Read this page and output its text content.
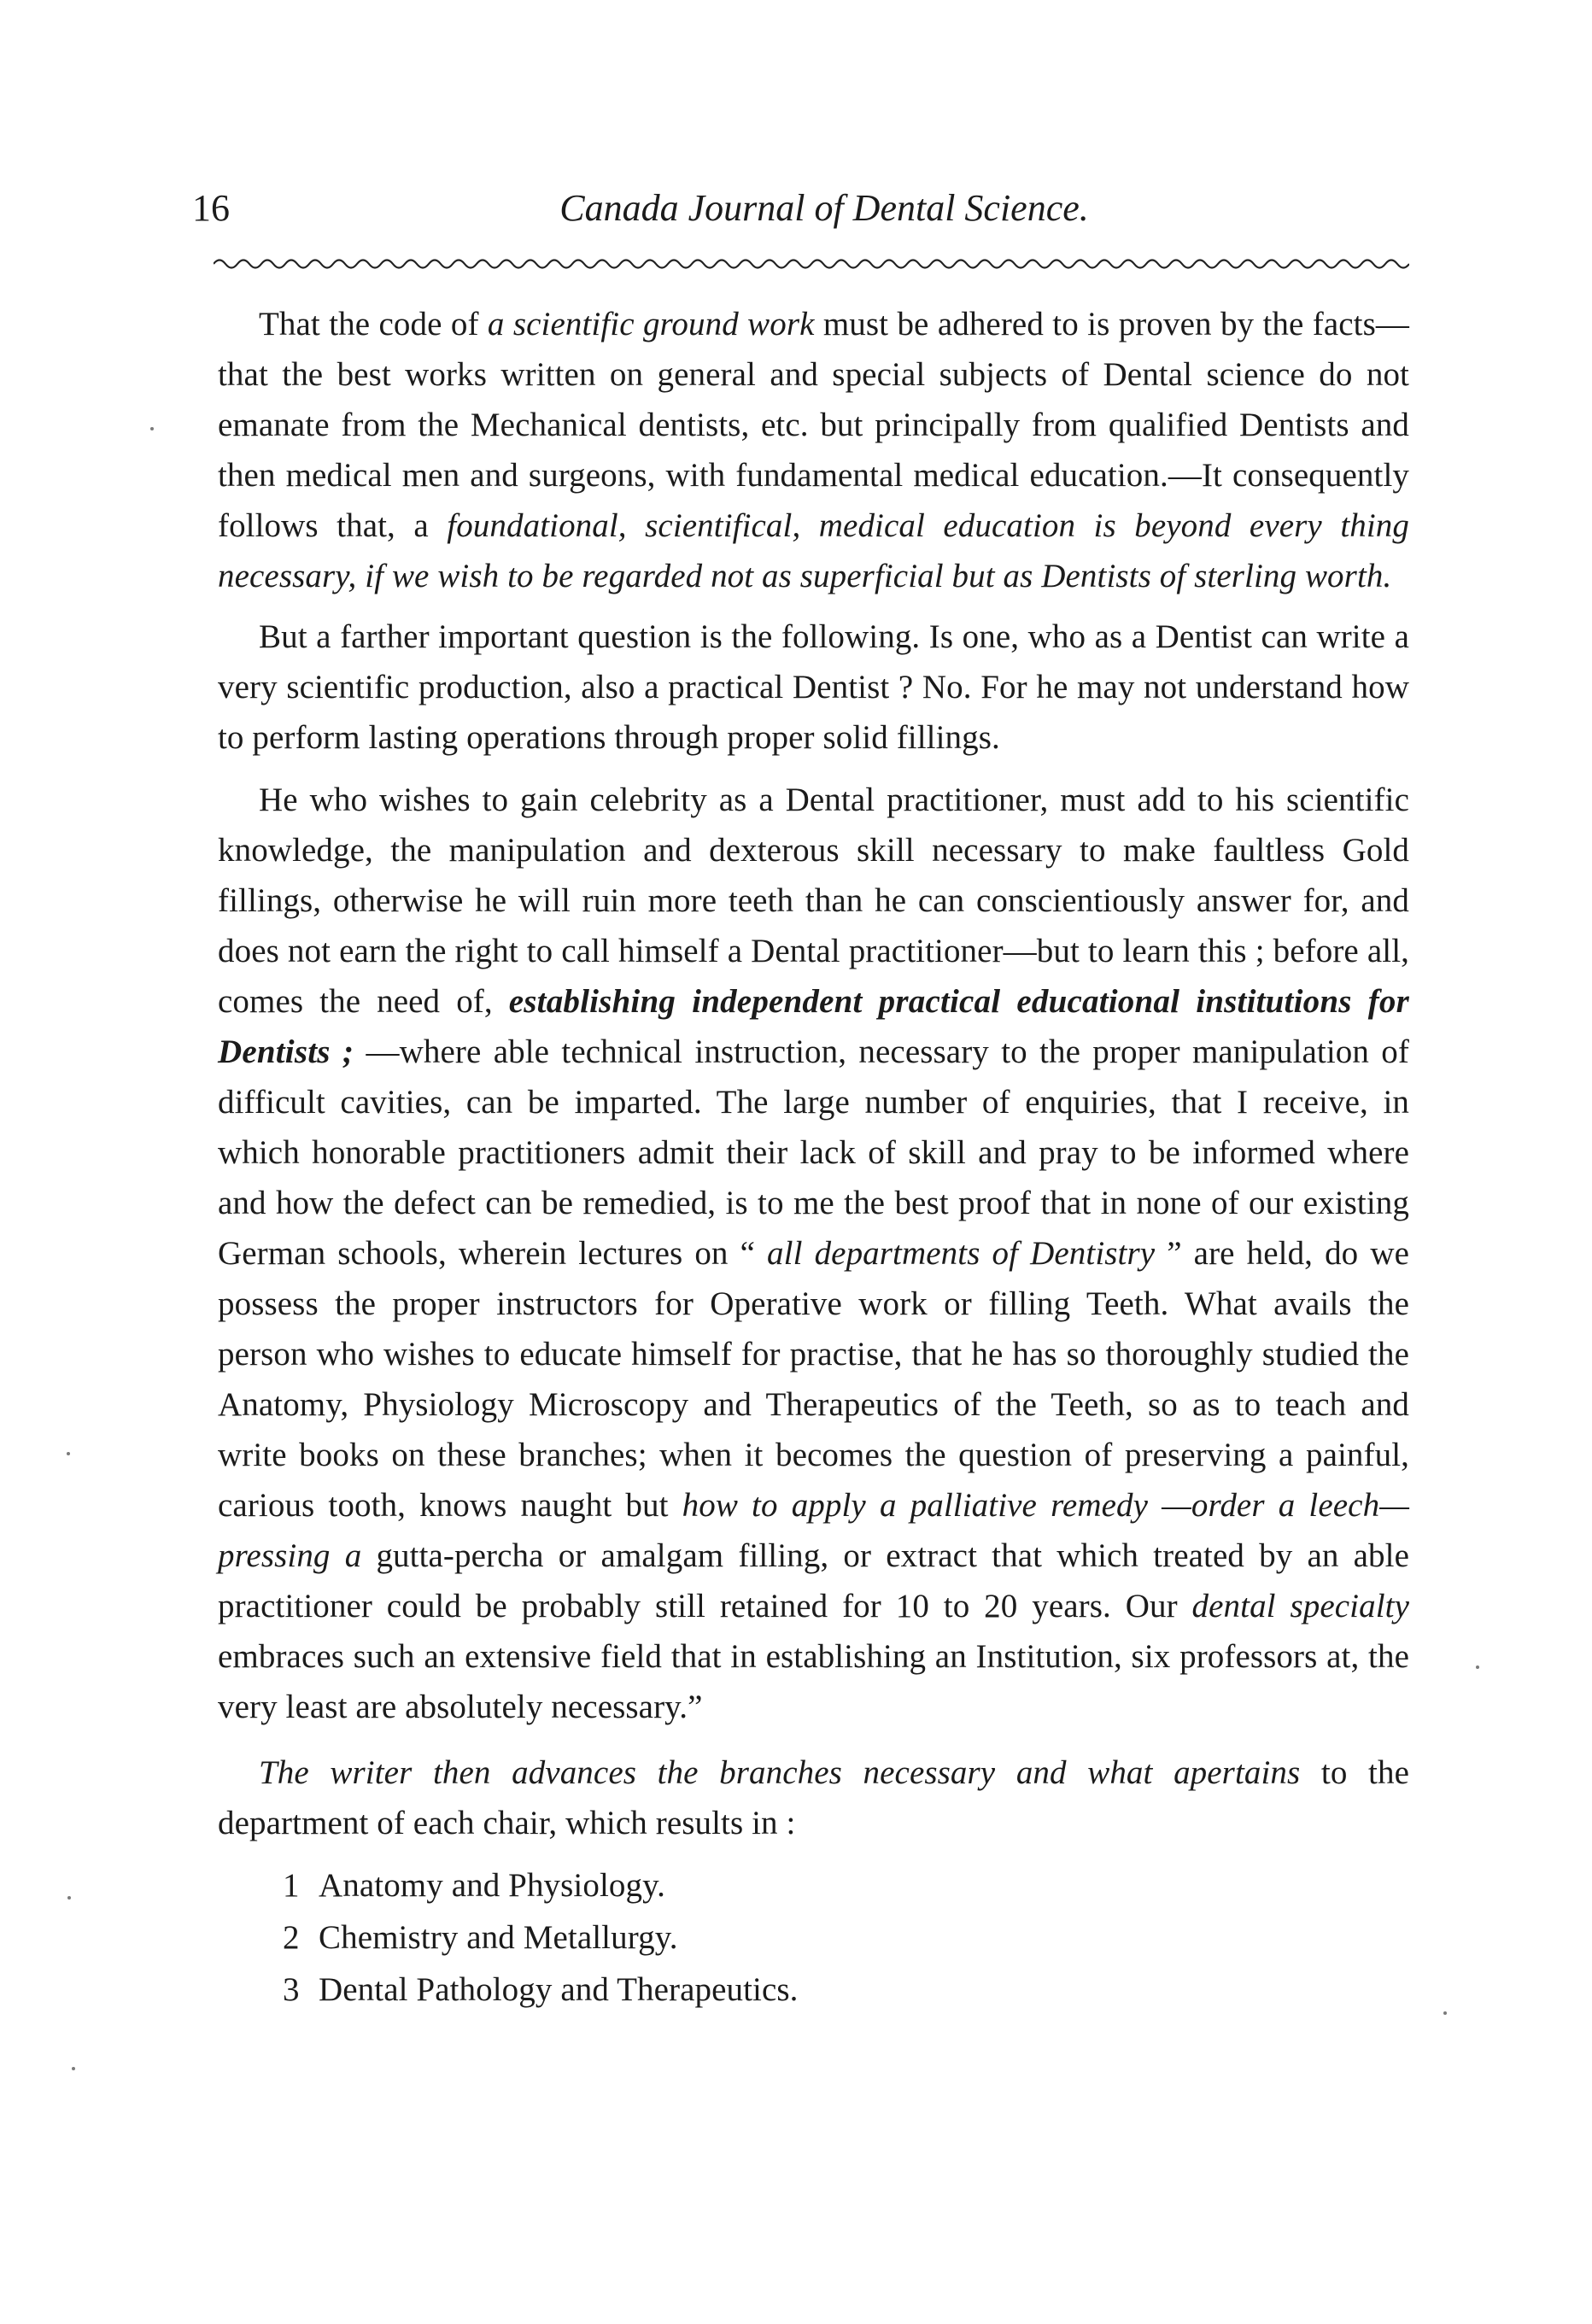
16	Canada Journal of Dental Science.

That the code of a scientific ground work must be adhered to is proven by the facts—that the best works written on general and special subjects of Dental science do not emanate from the Mechanical dentists, etc. but principally from qualified Dentists and then medical men and surgeons, with fundamental medical education.—It consequently follows that, a foundational, scientifical, medical education is beyond every thing necessary, if we wish to be regarded not as superficial but as Dentists of sterling worth.

But a farther important question is the following. Is one, who as a Dentist can write a very scientific production, also a practical Dentist ? No. For he may not understand how to perform lasting operations through proper solid fillings.

He who wishes to gain celebrity as a Dental practitioner, must add to his scientific knowledge, the manipulation and dexterous skill necessary to make faultless Gold fillings, otherwise he will ruin more teeth than he can conscientiously answer for, and does not earn the right to call himself a Dental practitioner—but to learn this ; before all, comes the need of, establishing independent practical educational institutions for Dentists ; —where able technical instruction, necessary to the proper manipulation of difficult cavities, can be imparted. The large number of enquiries, that I receive, in which honorable practitioners admit their lack of skill and pray to be informed where and how the defect can be remedied, is to me the best proof that in none of our existing German schools, wherein lectures on “ all departments of Dentistry ” are held, do we possess the proper instructors for Operative work or filling Teeth. What avails the person who wishes to educate himself for practise, that he has so thoroughly studied the Anatomy, Physiology Microscopy and Therapeutics of the Teeth, so as to teach and write books on these branches; when it becomes the question of preserving a painful, carious tooth, knows naught but how to apply a palliative remedy —order a leech— pressing a gutta-percha or amalgam filling, or extract that which treated by an able practitioner could be probably still retained for 10 to 20 years. Our dental specialty embraces such an extensive field that in establishing an Institution, six professors at, the very least are absolutely necessary.”

The writer then advances the branches necessary and what apertains to the department of each chair, which results in :

1 Anatomy and Physiology.
2 Chemistry and Metallurgy.
3 Dental Pathology and Therapeutics.
